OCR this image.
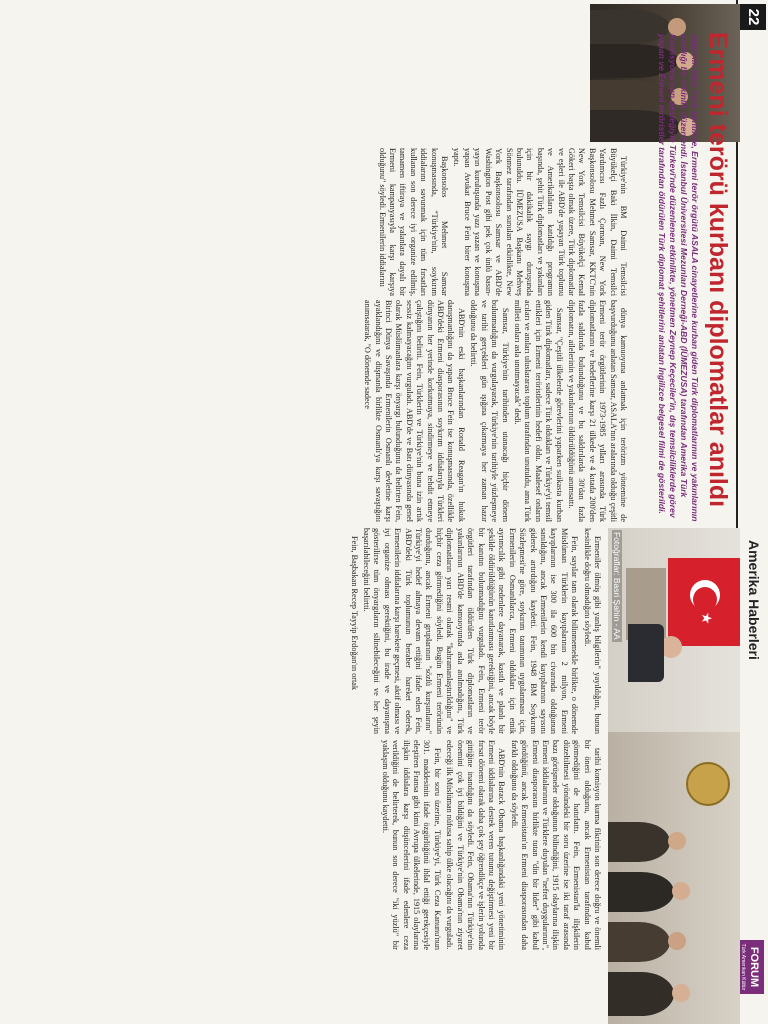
22
Amerika Haberleri
FORUM
Türk Amerikan Kültür
★
Fotoğraflar: Basri Şahin - AA
Ermeni terörü kurbanı diplomatlar anıldı
ABD'nin New York kentinde, Ermeni terör örgütü ASALA cinayetlerine kurban giden Türk diplomatlarının ve yakınlarının anıldığı bir etkinlik düzenlendi. İstanbul Üniversitesi Mezunları Derneği-ABD (İÜMEZUSA) tarafından Amerika Türk Koalisyonu'nun desteğiyle Türkevi'nde düzenlenen etkinlikte, yönetmen Zeynep Keçeciler'in, dış temsilciliklerde görev yapan ve Ermeni teröristler tarafından öldürülen Türk diplomat şehitlerini anlatan İngilizce belgesel filmi de gösterildi.

Türkiye'nin BM Daimi Temsilcisi Büyükelçi Baki İlkin, Daimi Temsilci Yardımcısı Fazlı Çorman, New York Başkonsolosu Mehmet Samsar, KKTC'nin New York Temsilcisi Büyükelçi Kemal Gökeri başta olmak üzere, Türk diplomatlar ve eşleri ile ABD'de yaşayan Türk toplumu ve Amerikalıların katıldığı programın başında, şehit Türk diplomatları ve yakınları için bir dakikalık saygı duruşunda bulunuldu. İÜMEZUSA Başkanı Mehveş Sönmez tarafından sunulan etkinlikte, New York Başkonsolosu Samsar ve ABD'de Washington Post gibi pek çok ünlü basın-yayın kuruluşunda yazı yazan ve konuşma yapan Avukat Bruce Fein birer konuşma yaptı.

Başkonsolos Mehmet Samsar konuşmasında, "Türkiye'nin, soykırım iddialarını savunmak için tüm fırsatları kullanan son derece iyi organize edilmiş, tamamen iftiraya ve yalanlara dayalı bir Ermeni kampanyasıyla karşı karşıya olduğunu" söyledi. Ermenilerin iddialarını

dünya kamuoyuna anlatmak için terörizm yöntemine de başvurduğunu anlatan Samsar, ASALA'nın aralarında olduğu çeşitli Ermeni terör örgütlerinin 1973-1985 yılları arasında Türk diplomatlarını ve hedeflerine karşı 21 ülkede ve 4 kıtada 200'den fazla saldırıda bulunduğunu ve bu saldırılarda 30'dan fazla diplomatın, ailelerinin ve yakınlarının öldürüldüğünü anımsattı.

Samsar, "Çeşitli ülkelerde görevlerini yaparken suikasta kurban giden Türk diplomatları, sadece Türk oldukları ve Türkiye'yi temsil ettikleri için Ermeni teröristlerinin hedefi oldu. Maalesef onların acıları ve anıları uluslararası toplum tarafından unutuldu, ama Türk milleti onları asla unutmayacak" dedi.

Samsar, Türkiye'nin tarihinden utanacağı hiçbir dönem bulunmadığını da vurgulayarak, Türkiye'nin tarihiyle yüzleşmeye ve tarihi gerçekleri gün ışığına çıkarmaya her zaman hazır olduğunu da belirtti.

ABD'nin eski başkanlarından Ronald Reagan'ın hukuk danışmanlığını da yapan Bruce Fein ise konuşmasında, özellikle ABD'deki Ermeni diasporasının soykırım iddialarıyla Türkleri dünyanın her yerinde korkutmaya, sindirmeye ve tehdit etmeye çalıştığını belirtti. Fein, Türklerin ve Türkiye'nin buna izin artık sessiz kalmayacağını vurguladı. ABD'de ve Batı dünyasında genel olarak Müslümanlara karşı önyargı bulunduğunu da belirten Fein, Birinci Dünya Savaşında Ermenilerin Osmanlı devletine karşı ayaklandığını ve düşmanla birlikte Osmanlı'ya karşı savaştığını anımsatarak, "O dönemde sadece

Ermeniler ölmüş gibi yanlış bilgilerin" yayıldığını, bunun kesinlikle doğru olmadığını söyledi.

Fein, sayılar tam olarak bilinmemekle birlikte, o dönemde Müslüman Türklerin kayıplarının 2 milyon, Ermeni kayıplarının ise 300 ila 600 bin civarında olduğunun sanıldığını, ancak Ermenilerin kendi kayıplarının sayısını giderek artırdığını kaydetti. Fein, 1948 BM Soykırım Sözleşmesi'ne göre, soykırım tanımının uygulanması için, Ermenilerin Osmanlılarca, Ermeni oldukları için etnik ayrımcılık gibi nedenlere dayanarak, kasıtlı ve planlı bir şekilde öldürüldüğünün kanıtlanması gerektiğini, ancak böyle bir kanıtın bulunmadığını vurguladı. Fein, Ermeni terör örgütleri tarafından öldürülen Türk diplomatların ve yakınlarının ABD'de kamuoyunda asla anılmadığını, Türk diplomatların yarı resmi olarak "kahramanlaştırıldığını" ve hiçbir ceza görmediğini söyledi. Bugün Ermeni terörünün durduğunu, ancak Ermeni gruplarının "sözlü kurşunlarını" Türkiye'yi hedef almaya devam ettiğini ifade eden Fein, ABD'deki Türk toplumunun beraber hareket ederek, Ermenilerin iddialarına karşı harekete geçmesi, aktif olması ve iyi organize olması gerektiğini, bu irade ve dayanışma gösterilirse tüm önyargıların silinebileceğini ve her şeyin başarılabileceğini belirtti.

Fein, Başbakan Recep Tayyip Erdoğan'ın ortak

tarihi komisyon kurma fikrinin son derece doğru ve önemli bir öneri olduğunu, ancak Ermenistan tarafından kabul görmediğini de hatırlattı. Fein, Ermenistan'la ilişkilerin düzeltilmesi yönündeki bir soru üzerine ise iki taraf arasında bazı görüşmeler olduğunun bilindiğini, 1915 olaylarına ilişkin Ermeni iddialarının ve Türklere duyulan "nefret duygularının", Ermeni diasporasını birlikte tutan "din bir lider" gibi kabul gördüğünü, ancak Ermenistan'ın Ermeni diasporasından daha farklı olduğunu da söyledi.

ABD'nin Barack Obama başkanlığındaki yeni yönetiminin Ermeni iddialarına destek veren tutumu değiştirmesi yeni bir fırsat dönemi olarak daha çok şey öğrendikçe ve işlerin yolunda gittiğine inandığını da söyledi. Fein, Obama'nın Türkiye'nin önemini çok iyi bildiğini ve Türkiye'nin Obama'nın ziyaret edeceği ilk Müslüman nüfusa sahip ülke olacağını da vurguladı.

Fein, bir soru üzerine, Türkiye'yi, Türk Ceza Kanunu'nun 301. maddesinin ifade özgürlüğünü ihlal ettiği gerekçesiyle eleştiren Fransa gibi kimi Avrupa ülkelerinde, 1915 olaylarına ilişkin iddialara karşı düşüncelerini ifade edenlere ceza verildiğini de belirterek, bunun son derece "iki yüzlü" bir yaklaşım olduğunu kaydetti.
